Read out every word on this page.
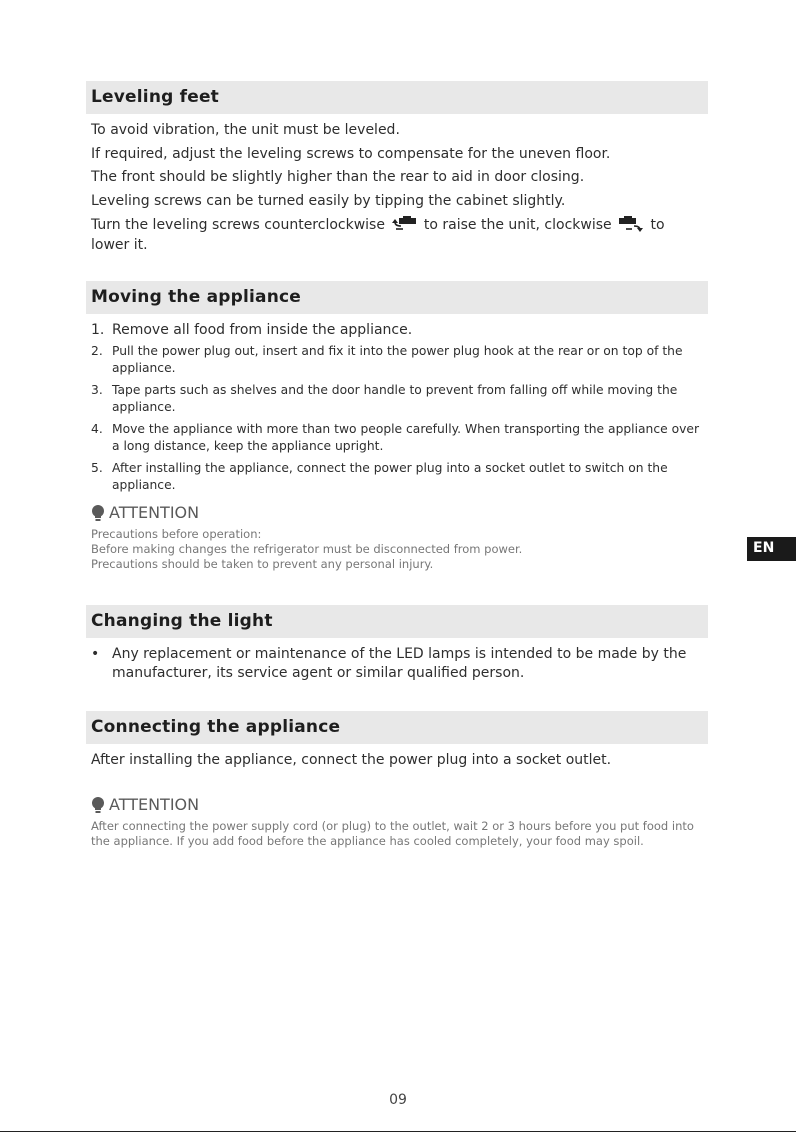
Leveling feet
To avoid vibration, the unit must be leveled.
If required, adjust the leveling screws to compensate for the uneven floor.
The front should be slightly higher than the rear to aid in door closing.
Leveling screws can be turned easily by tipping the cabinet slightly.
Turn the leveling screws counterclockwise	to raise the unit, clockwise	to
lower it.
Moving the appliance
1. Remove all food from inside the appliance.
2. Pull the power plug out, insert and fix it into the power plug hook at the rear or on top of the appliance.
3. Tape parts such as shelves and the door handle to prevent from falling off while moving the appliance.
4. Move the appliance with more than two people carefully. When transporting the appliance over a long distance, keep the appliance upright.
5. After installing the appliance, connect the power plug into a socket outlet to switch on the appliance.
ATTENTION
Precautions before operation:
Before making changes the refrigerator must be disconnected from power.
Precautions should be taken to prevent any personal injury.
EN
Changing the light
• Any replacement or maintenance of the LED lamps is intended to be made by the manufacturer, its service agent or similar qualified person.
Connecting the appliance
After installing the appliance, connect the power plug into a socket outlet.
ATTENTION
After connecting the power supply cord (or plug) to the outlet, wait 2 or 3 hours before you put food into the appliance. If you add food before the appliance has cooled completely, your food may spoil.
09
